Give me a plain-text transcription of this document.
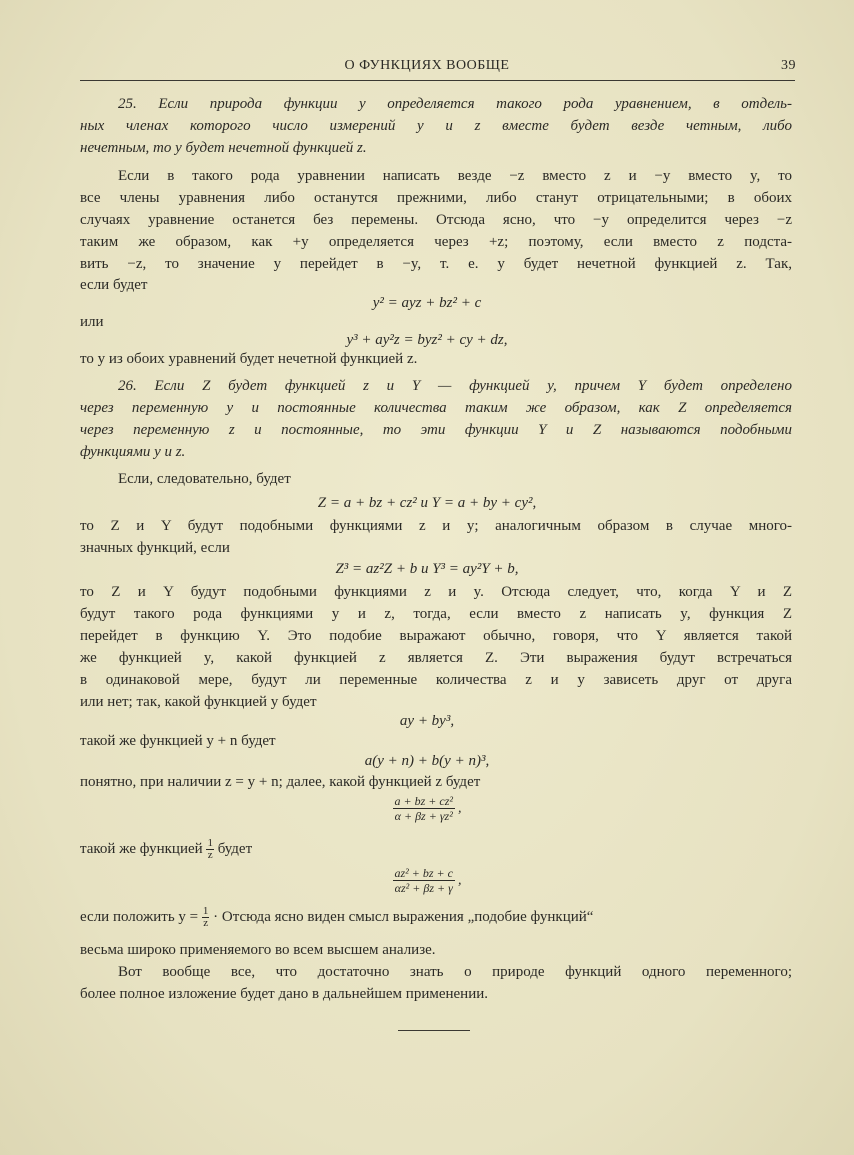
О ФУНКЦИЯХ ВООБЩЕ	39
25. Если природа функции y определяется такого рода уравнением, в отдель-
ных членах которого число измерений y и z вместе будет везде четным, либо
нечетным, то y будет нечетной функцией z.
Если в такого рода уравнении написать везде −z вместо z и −y вместо y, то
все члены уравнения либо останутся прежними, либо станут отрицательными; в обоих
случаях уравнение останется без перемены. Отсюда ясно, что −y определится через −z
таким же образом, как +y определяется через +z; поэтому, если вместо z подста-
вить −z, то значение y перейдет в −y, т. е. y будет нечетной функцией z. Так,
если будет
y² = ayz + bz² + c
или
y³ + ay²z = byz² + cy + dz,
то y из обоих уравнений будет нечетной функцией z.
26. Если Z будет функцией z и Y — функцией y, причем Y будет определено
через переменную y и постоянные количества таким же образом, как Z определяется
через переменную z и постоянные, то эти функции Y и Z называются подобными
функциями y и z.
Если, следовательно, будет
Z = a + bz + cz² и Y = a + by + cy²,
то Z и Y будут подобными функциями z и y; аналогичным образом в случае много-
значных функций, если
Z³ = az²Z + b и Y³ = ay²Y + b,
то Z и Y будут подобными функциями z и y. Отсюда следует, что, когда Y и Z
будут такого рода функциями y и z, тогда, если вместо z написать y, функция Z
перейдет в функцию Y. Это подобие выражают обычно, говоря, что Y является такой
же функцией y, какой функцией z является Z. Эти выражения будут встречаться
в одинаковой мере, будут ли переменные количества z и y зависеть друг от друга
или нет; так, какой функцией y будет
ay + by³,
такой же функцией y + n будет
a(y + n) + b(y + n)³,
понятно, при наличии z = y + n; далее, какой функцией z будет
$\frac{\text{a + bz + cz²}}{\text{α + βz + γz²}}$ ,
такой же функцией $\frac{1}{z}$ будет
$\frac{\text{az² + bz + c}}{\text{αz² + βz + γ}}$ ,
если положить $y = \frac{1}{z}$ · Отсюда ясно виден смысл выражения „подобие функций“
весьма широко применяемого во всем высшем анализе.
Вот вообще все, что достаточно знать о природе функций одного переменного;
более полное изложение будет дано в дальнейшем применении.
